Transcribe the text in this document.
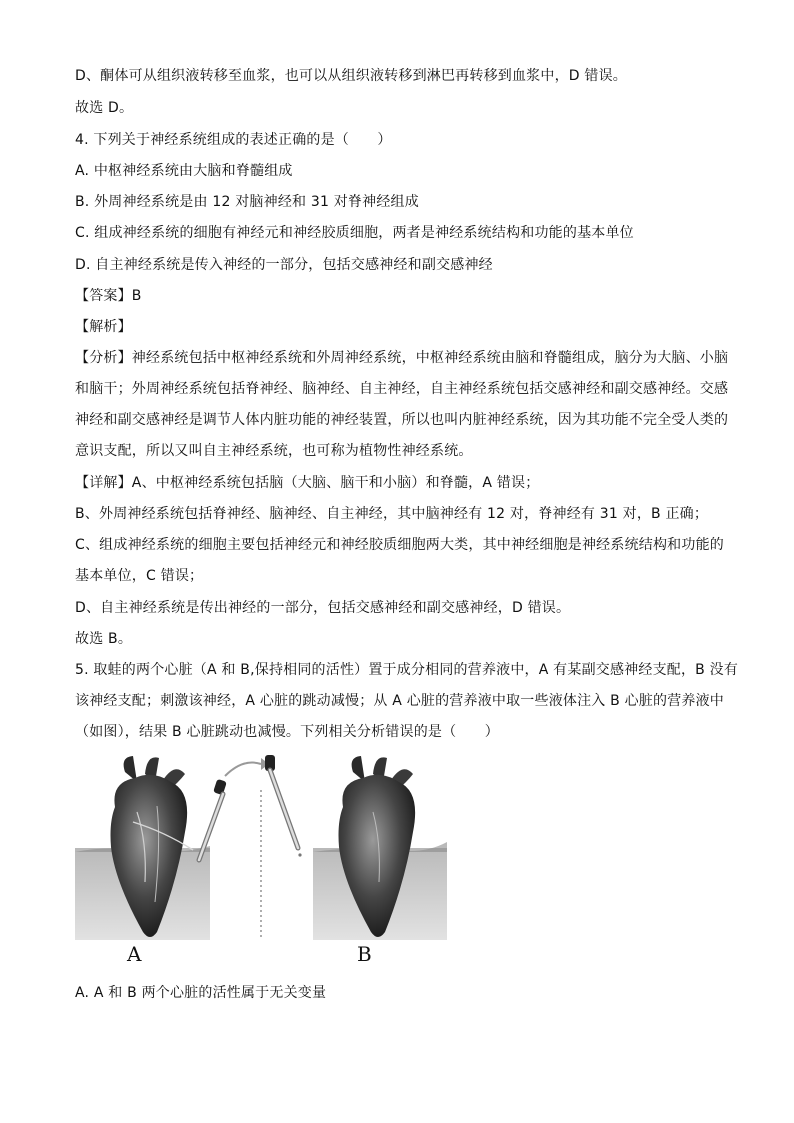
D、酮体可从组织液转移至血浆，也可以从组织液转移到淋巴再转移到血浆中，D 错误。
故选 D。
4. 下列关于神经系统组成的表述正确的是（　　）
A. 中枢神经系统由大脑和脊髓组成
B. 外周神经系统是由 12 对脑神经和 31 对脊神经组成
C. 组成神经系统的细胞有神经元和神经胶质细胞，两者是神经系统结构和功能的基本单位
D. 自主神经系统是传入神经的一部分，包括交感神经和副交感神经
【答案】B
【解析】
【分析】神经系统包括中枢神经系统和外周神经系统，中枢神经系统由脑和脊髓组成，脑分为大脑、小脑
和脑干；外周神经系统包括脊神经、脑神经、自主神经，自主神经系统包括交感神经和副交感神经。交感
神经和副交感神经是调节人体内脏功能的神经装置，所以也叫内脏神经系统，因为其功能不完全受人类的
意识支配，所以又叫自主神经系统，也可称为植物性神经系统。
【详解】A、中枢神经系统包括脑（大脑、脑干和小脑）和脊髓，A 错误；
B、外周神经系统包括脊神经、脑神经、自主神经，其中脑神经有 12 对，脊神经有 31 对，B 正确；
C、组成神经系统的细胞主要包括神经元和神经胶质细胞两大类，其中神经细胞是神经系统结构和功能的
基本单位，C 错误；
D、自主神经系统是传出神经的一部分，包括交感神经和副交感神经，D 错误。
故选 B。
5. 取蛙的两个心脏（A 和 B,保持相同的活性）置于成分相同的营养液中，A 有某副交感神经支配，B 没有
该神经支配；刺激该神经，A 心脏的跳动减慢；从 A 心脏的营养液中取一些液体注入 B 心脏的营养液中
（如图），结果 B 心脏跳动也减慢。下列相关分析错误的是（　　）
A	B
A. A 和 B 两个心脏的活性属于无关变量
